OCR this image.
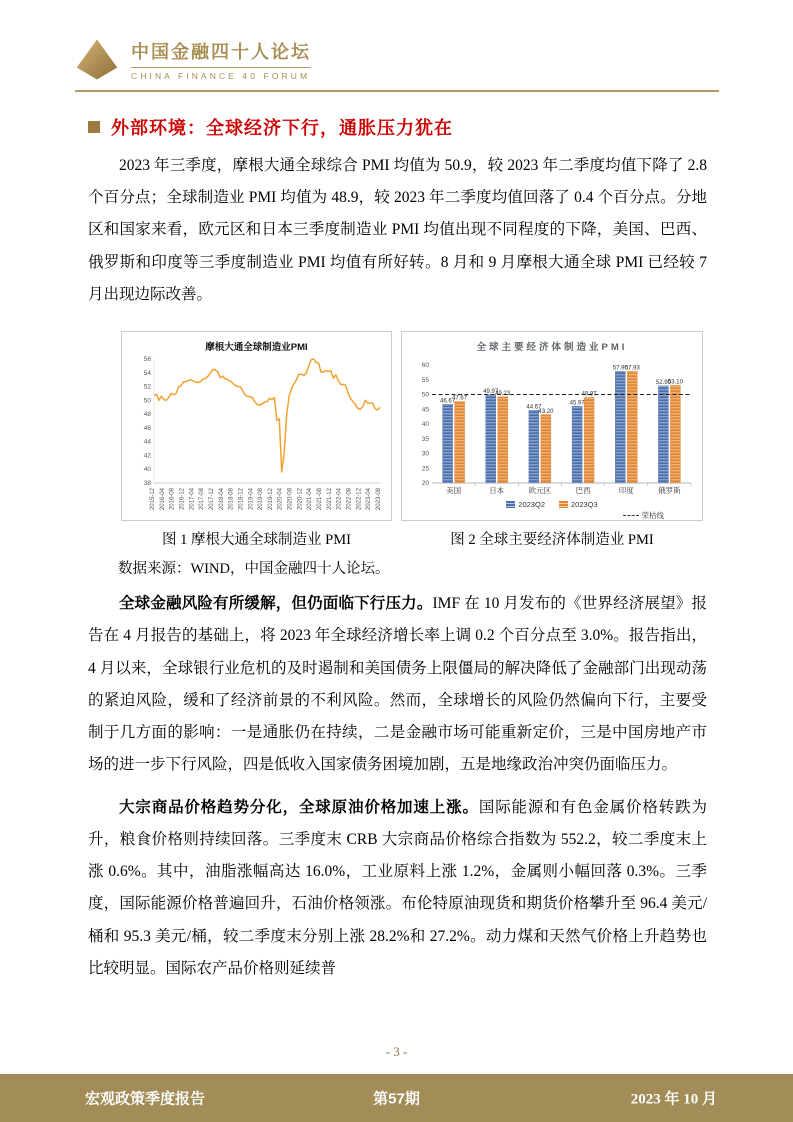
中国金融四十人论坛
CHINA FINANCE 40 FORUM
外部环境：全球经济下行，通胀压力犹在

2023 年三季度，摩根大通全球综合 PMI 均值为 50.9，较 2023 年二季度均值下降了 2.8 个百分点；全球制造业 PMI 均值为 48.9，较 2023 年二季度均值回落了 0.4 个百分点。分地区和国家来看，欧元区和日本三季度制造业 PMI 均值出现不同程度的下降，美国、巴西、俄罗斯和印度等三季度制造业 PMI 均值有所好转。8 月和 9 月摩根大通全球 PMI 已经较 7 月出现边际改善。

摩根大通全球制造业PMI
38
40
42
44
46
48
50
52
54
56
2015-12 2016-04 2016-08 2016-12 2017-04 2017-08 2017-12 2018-04 2018-08 2018-12 2019-04 2019-08 2019-12 2020-04 2020-08 2020-12 2021-04 2021-08 2021-12 2022-04 2022-08 2022-12 2023-04 2023-08
全球主要经济体制造业PMI
20
25
30
35
40
45
50
55
60
46.67
47.67
美国
49.97
49.23
日本
44.67
43.20
欧元区
45.97
48.97
巴西
57.90
57.93
印度
52.90
53.10
俄罗斯
2023Q2	2023Q3
荣枯线
图 1 摩根大通全球制造业 PMI	图 2 全球主要经济体制造业 PMI

数据来源：WIND，中国金融四十人论坛。

全球金融风险有所缓解，但仍面临下行压力。IMF 在 10 月发布的《世界经济展望》报告在 4 月报告的基础上，将 2023 年全球经济增长率上调 0.2 个百分点至 3.0%。报告指出，4 月以来，全球银行业危机的及时遏制和美国债务上限僵局的解决降低了金融部门出现动荡的紧迫风险，缓和了经济前景的不利风险。然而，全球增长的风险仍然偏向下行，主要受制于几方面的影响：一是通胀仍在持续，二是金融市场可能重新定价，三是中国房地产市场的进一步下行风险，四是低收入国家债务困境加剧，五是地缘政治冲突仍面临压力。

大宗商品价格趋势分化，全球原油价格加速上涨。国际能源和有色金属价格转跌为升，粮食价格则持续回落。三季度末 CRB 大宗商品价格综合指数为 552.2，较二季度末上涨 0.6%。其中，油脂涨幅高达 16.0%，工业原料上涨 1.2%，金属则小幅回落 0.3%。三季度，国际能源价格普遍回升，石油价格领涨。布伦特原油现货和期货价格攀升至 96.4 美元/桶和 95.3 美元/桶，较二季度末分别上涨 28.2%和 27.2%。动力煤和天然气价格上升趋势也比较明显。国际农产品价格则延续普

- 3 -
宏观政策季度报告	第57期	2023 年 10 月
